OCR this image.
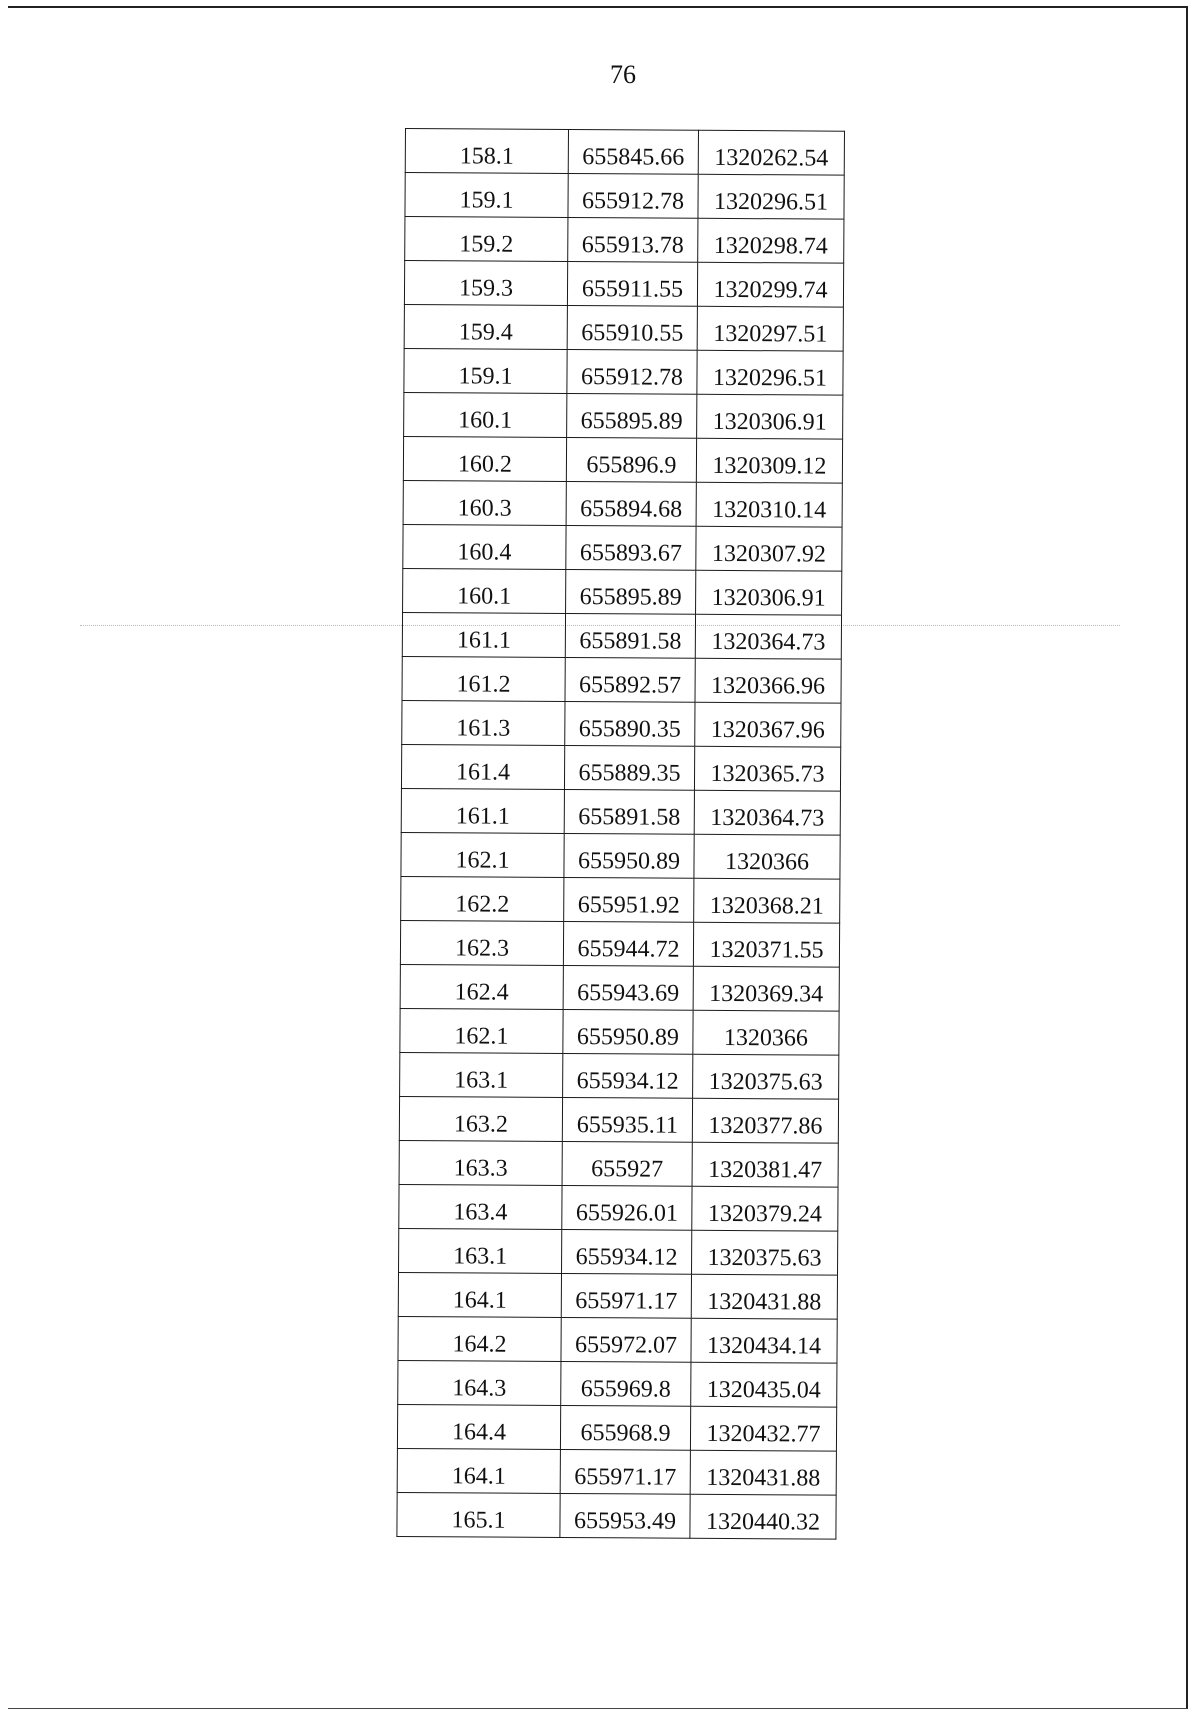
76
158.1	655845.66	1320262.54
159.1	655912.78	1320296.51
159.2	655913.78	1320298.74
159.3	655911.55	1320299.74
159.4	655910.55	1320297.51
159.1	655912.78	1320296.51
160.1	655895.89	1320306.91
160.2	655896.9	1320309.12
160.3	655894.68	1320310.14
160.4	655893.67	1320307.92
160.1	655895.89	1320306.91
161.1	655891.58	1320364.73
161.2	655892.57	1320366.96
161.3	655890.35	1320367.96
161.4	655889.35	1320365.73
161.1	655891.58	1320364.73
162.1	655950.89	1320366
162.2	655951.92	1320368.21
162.3	655944.72	1320371.55
162.4	655943.69	1320369.34
162.1	655950.89	1320366
163.1	655934.12	1320375.63
163.2	655935.11	1320377.86
163.3	655927	1320381.47
163.4	655926.01	1320379.24
163.1	655934.12	1320375.63
164.1	655971.17	1320431.88
164.2	655972.07	1320434.14
164.3	655969.8	1320435.04
164.4	655968.9	1320432.77
164.1	655971.17	1320431.88
165.1	655953.49	1320440.32
